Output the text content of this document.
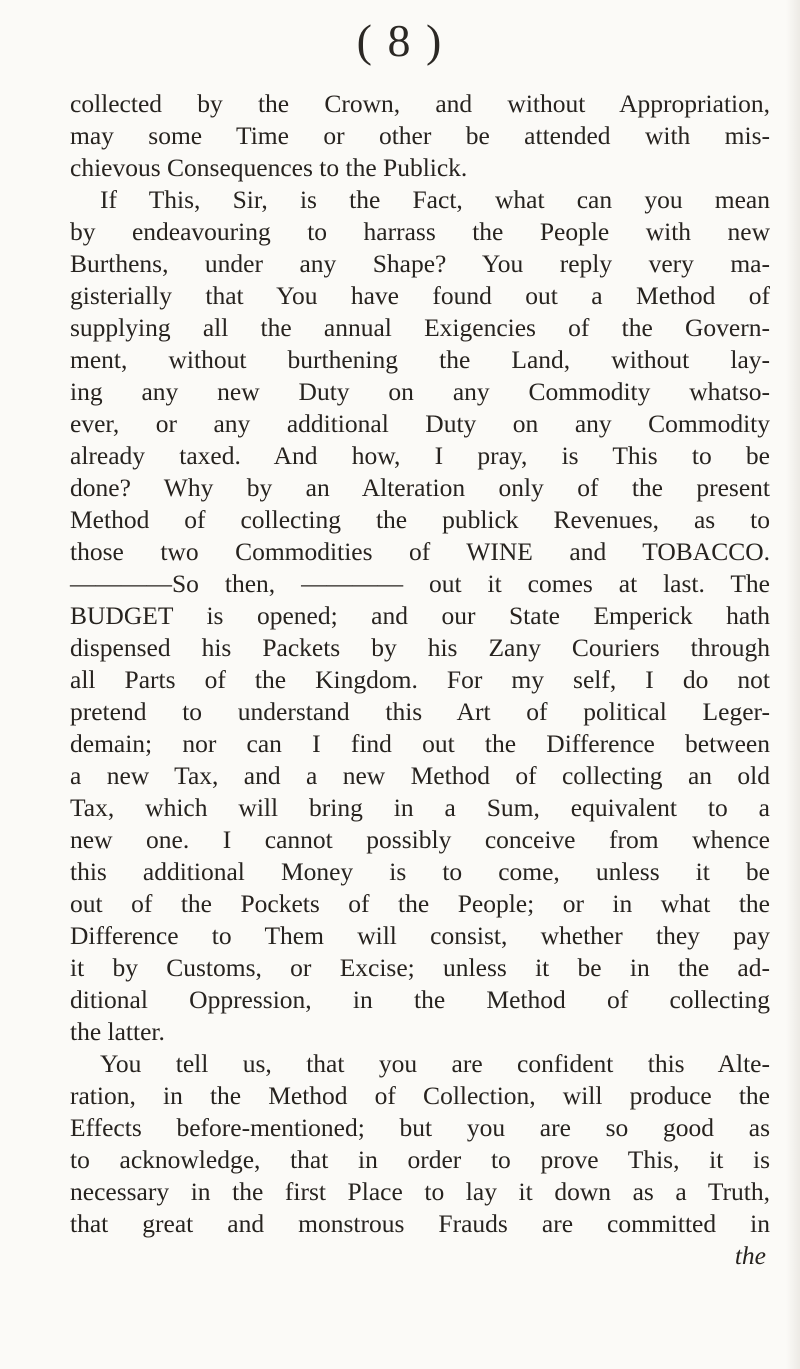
( 8 )
collected by the Crown, and without Appropriation,
may some Time or other be attended with mis-
chievous Consequences to the Publick.
If This, Sir, is the Fact, what can you mean
by endeavouring to harrass the People with new
Burthens, under any Shape? You reply very ma-
gisterially that You have found out a Method of
supplying all the annual Exigencies of the Govern-
ment, without burthening the Land, without lay-
ing any new Duty on any Commodity whatso-
ever, or any additional Duty on any Commodity
already taxed. And how, I pray, is This to be
done? Why by an Alteration only of the present
Method of collecting the publick Revenues, as to
those two Commodities of WINE and TOBACCO.
————So then, ———— out it comes at last. The
BUDGET is opened; and our State Emperick hath
dispensed his Packets by his Zany Couriers through
all Parts of the Kingdom. For my self, I do not
pretend to understand this Art of political Leger-
demain; nor can I find out the Difference between
a new Tax, and a new Method of collecting an old
Tax, which will bring in a Sum, equivalent to a
new one. I cannot possibly conceive from whence
this additional Money is to come, unless it be
out of the Pockets of the People; or in what the
Difference to Them will consist, whether they pay
it by Customs, or Excise; unless it be in the ad-
ditional Oppression, in the Method of collecting
the latter.
You tell us, that you are confident this Alte-
ration, in the Method of Collection, will produce the
Effects before-mentioned; but you are so good as
to acknowledge, that in order to prove This, it is
necessary in the first Place to lay it down as a Truth,
that great and monstrous Frauds are committed in
the
